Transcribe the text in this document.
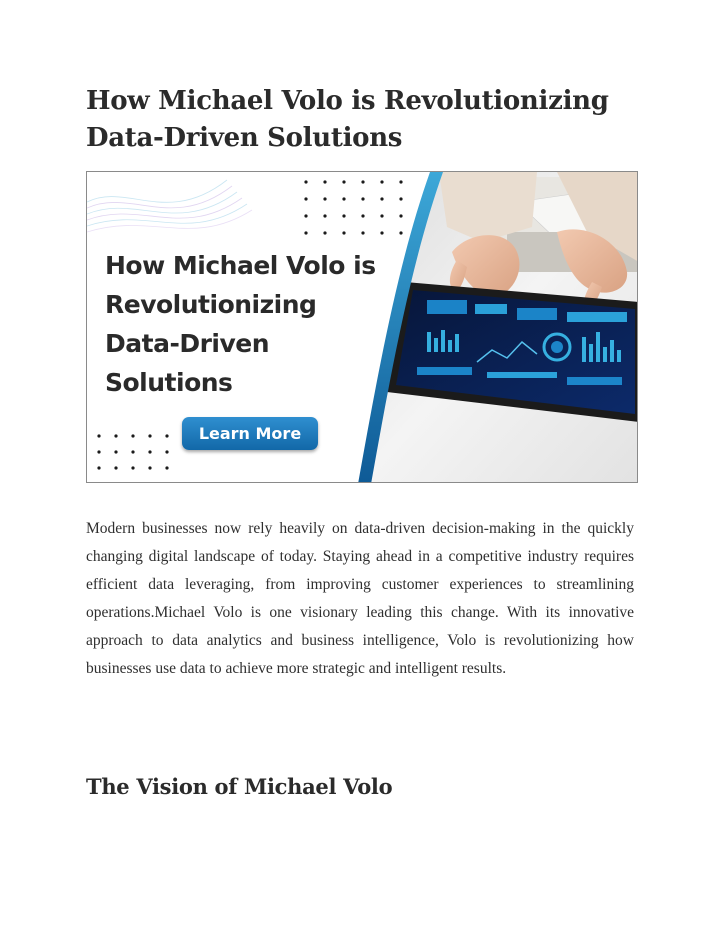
How Michael Volo is Revolutionizing Data-Driven Solutions
How Michael Volo is
Revolutionizing
Data-Driven
Solutions
Learn More

Modern businesses now rely heavily on data-driven decision-making in the quickly changing digital landscape of today. Staying ahead in a competitive industry requires efficient data leveraging, from improving customer experiences to streamlining operations.Michael Volo is one visionary leading this change. With its innovative approach to data analytics and business intelligence, Volo is revolutionizing how businesses use data to achieve more strategic and intelligent results.

The Vision of Michael Volo
